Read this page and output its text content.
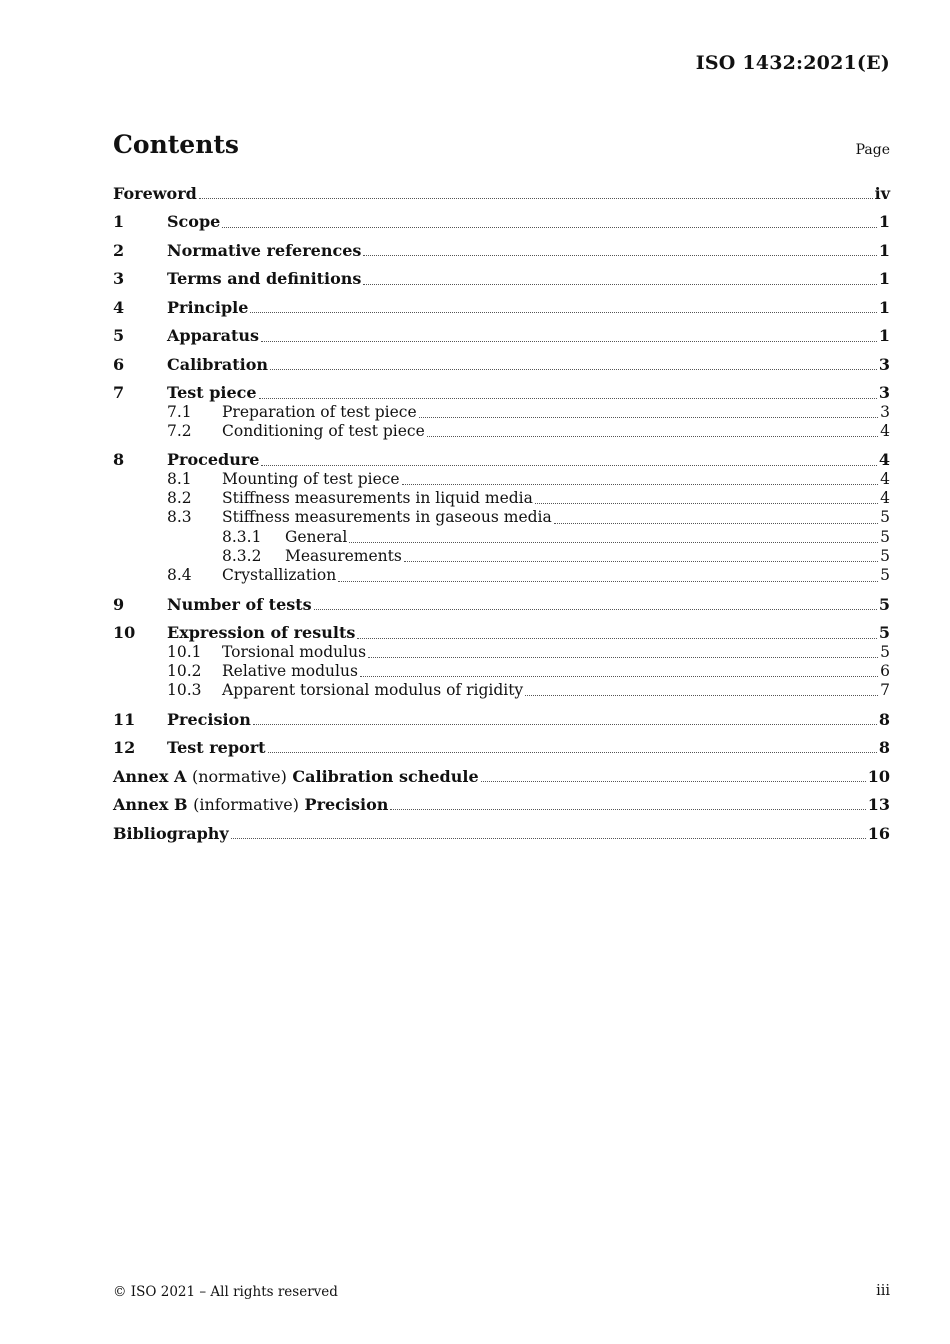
ISO 1432:2021(E)
Contents	Page
Foreword	iv
1	Scope	1
2	Normative references	1
3	Terms and definitions	1
4	Principle	1
5	Apparatus	1
6	Calibration	3
7	Test piece	3
7.1	Preparation of test piece	3
7.2	Conditioning of test piece	4
8	Procedure	4
8.1	Mounting of test piece	4
8.2	Stiffness measurements in liquid media	4
8.3	Stiffness measurements in gaseous media	5
8.3.1	General	5
8.3.2	Measurements	5
8.4	Crystallization	5
9	Number of tests	5
10	Expression of results	5
10.1	Torsional modulus	5
10.2	Relative modulus	6
10.3	Apparent torsional modulus of rigidity	7
11	Precision	8
12	Test report	8
Annex A (normative) Calibration schedule	10
Annex B (informative) Precision	13
Bibliography	16
© ISO 2021 – All rights reserved	iii
